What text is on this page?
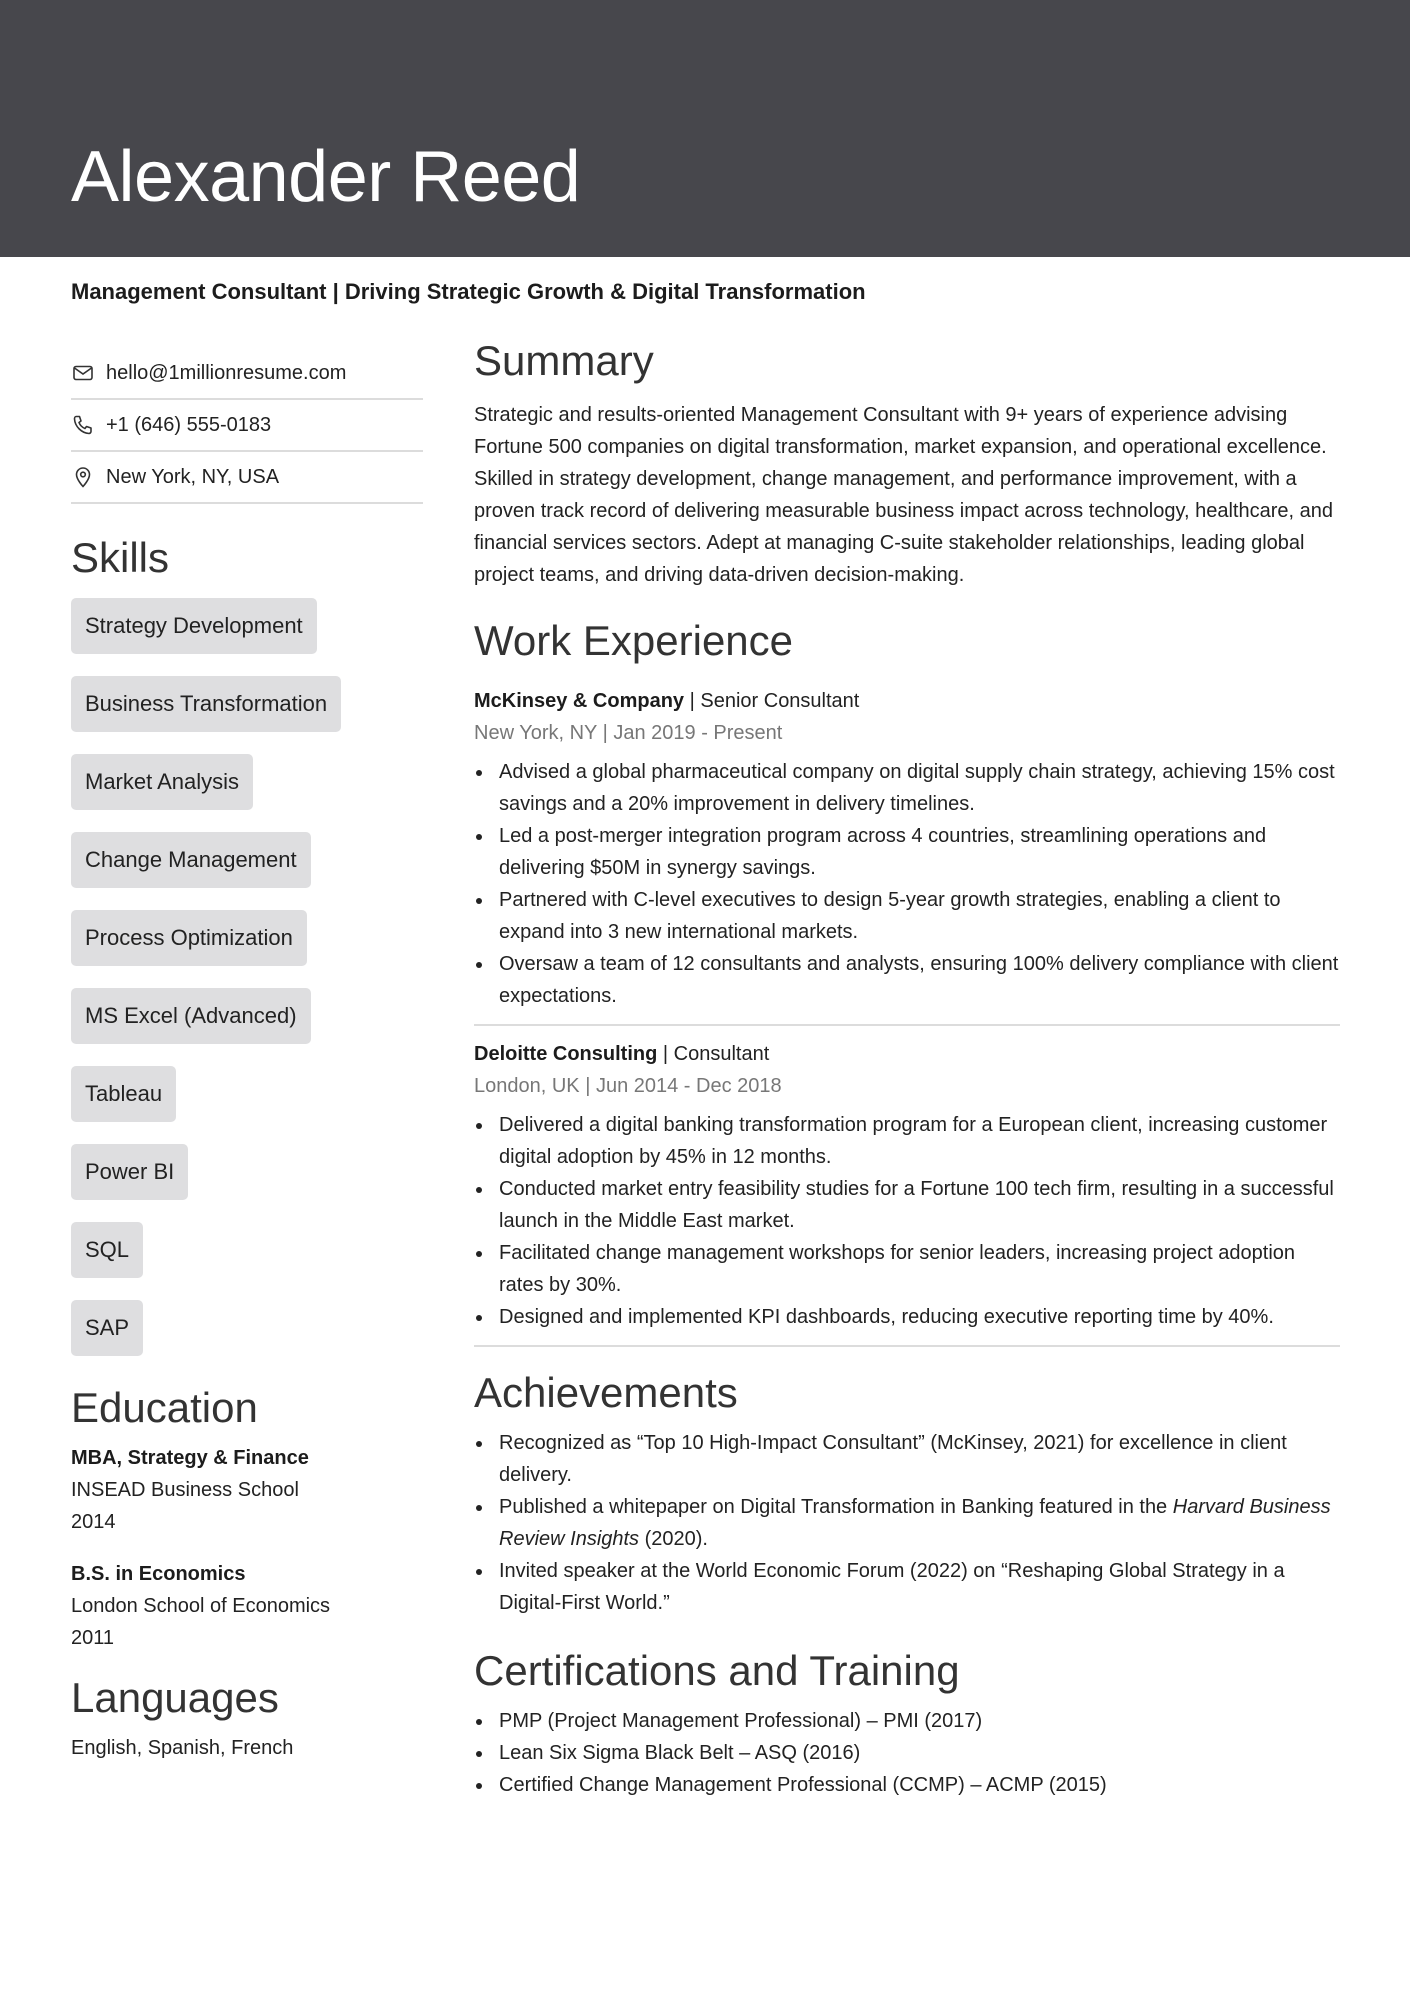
Alexander Reed

Management Consultant | Driving Strategic Growth & Digital Transformation

hello@1millionresume.com
+1 (646) 555-0183
New York, NY, USA
Skills
Strategy Development
Business Transformation
Market Analysis
Change Management
Process Optimization
MS Excel (Advanced)
Tableau
Power BI
SQL
SAP
Education
MBA, Strategy & Finance
INSEAD Business School
2014
B.S. in Economics
London School of Economics
2011
Languages
English, Spanish, French
Summary

Strategic and results-oriented Management Consultant with 9+ years of experience advising Fortune 500 companies on digital transformation, market expansion, and operational excellence. Skilled in strategy development, change management, and performance improvement, with a proven track record of delivering measurable business impact across technology, healthcare, and financial services sectors. Adept at managing C-suite stakeholder relationships, leading global project teams, and driving data-driven decision-making.

Work Experience
McKinsey & Company | Senior Consultant
New York, NY | Jan 2019 - Present
Advised a global pharmaceutical company on digital supply chain strategy, achieving 15% cost savings and a 20% improvement in delivery timelines.
Led a post-merger integration program across 4 countries, streamlining operations and delivering $50M in synergy savings.
Partnered with C-level executives to design 5-year growth strategies, enabling a client to expand into 3 new international markets.
Oversaw a team of 12 consultants and analysts, ensuring 100% delivery compliance with client expectations.
Deloitte Consulting | Consultant
London, UK | Jun 2014 - Dec 2018
Delivered a digital banking transformation program for a European client, increasing customer digital adoption by 45% in 12 months.
Conducted market entry feasibility studies for a Fortune 100 tech firm, resulting in a successful launch in the Middle East market.
Facilitated change management workshops for senior leaders, increasing project adoption rates by 30%.
Designed and implemented KPI dashboards, reducing executive reporting time by 40%.
Achievements
Recognized as “Top 10 High-Impact Consultant” (McKinsey, 2021) for excellence in client delivery.
Published a whitepaper on Digital Transformation in Banking featured in the Harvard Business Review Insights (2020).
Invited speaker at the World Economic Forum (2022) on “Reshaping Global Strategy in a Digital-First World.”
Certifications and Training
PMP (Project Management Professional) – PMI (2017)
Lean Six Sigma Black Belt – ASQ (2016)
Certified Change Management Professional (CCMP) – ACMP (2015)
